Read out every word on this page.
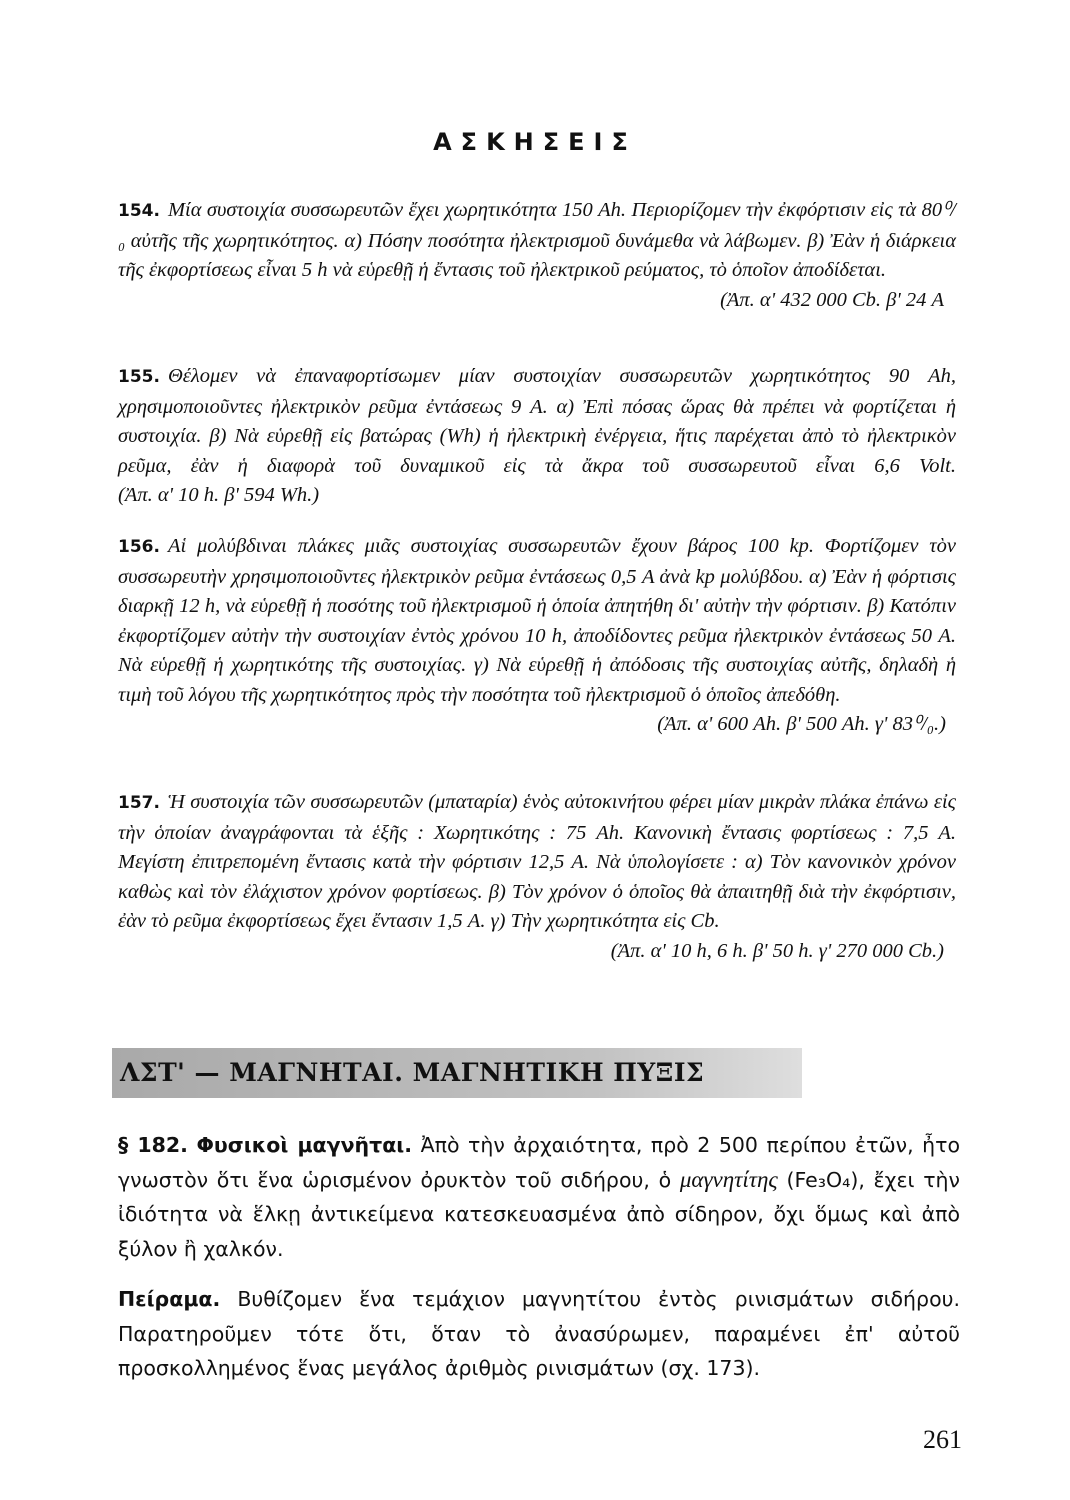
ΑΣΚΗΣΕΙΣ

154. Μία συστοιχία συσσωρευτῶν ἔχει χωρητικότητα 150 Ah. Περιορίζομεν τὴν ἐκφόρτισιν εἰς τὰ 80⁰/₀ αὐτῆς τῆς χωρητικότητος. α) Πόσην ποσότητα ἠλεκτρισμοῦ δυνάμεθα νὰ λάβωμεν. β) Ἐὰν ἡ διάρκεια τῆς ἐκφορτίσεως εἶναι 5 h νὰ εὑρεθῇ ἡ ἔντασις τοῦ ἠλεκτρικοῦ ρεύματος, τὸ ὁποῖον ἀποδίδεται.
(Ἀπ. α' 432 000 Cb. β' 24 A

155. Θέλομεν νὰ ἐπαναφορτίσωμεν μίαν συστοιχίαν συσσωρευτῶν χωρητικότητος 90 Ah, χρησιμοποιοῦντες ἠλεκτρικὸν ρεῦμα ἐντάσεως 9 A. α) Ἐπὶ πόσας ὥρας θὰ πρέπει νὰ φορτίζεται ἡ συστοιχία. β) Νὰ εὑρεθῇ εἰς βατώρας (Wh) ἡ ἠλεκτρικὴ ἐνέργεια, ἥτις παρέχεται ἀπὸ τὸ ἠλεκτρικὸν ρεῦμα, ἐὰν ἡ διαφορὰ τοῦ δυναμικοῦ εἰς τὰ ἄκρα τοῦ συσσωρευτοῦ εἶναι 6,6 Volt. (Ἀπ. α' 10 h. β' 594 Wh.)

156. Αἱ μολύβδιναι πλάκες μιᾶς συστοιχίας συσσωρευτῶν ἔχουν βάρος 100 kp. Φορτίζομεν τὸν συσσωρευτὴν χρησιμοποιοῦντες ἠλεκτρικὸν ρεῦμα ἐντάσεως 0,5 A ἀνὰ kp μολύβδου. α) Ἐὰν ἡ φόρτισις διαρκῇ 12 h, νὰ εὑρεθῇ ἡ ποσότης τοῦ ἠλεκτρισμοῦ ἡ ὁποία ἀπητήθη δι' αὐτὴν τὴν φόρτισιν. β) Κατόπιν ἐκφορτίζομεν αὐτὴν τὴν συστοιχίαν ἐντὸς χρόνου 10 h, ἀποδίδοντες ρεῦμα ἠλεκτρικὸν ἐντάσεως 50 A. Νὰ εὑρεθῇ ἡ χωρητικότης τῆς συστοιχίας. γ) Νὰ εὑρεθῇ ἡ ἀπόδοσις τῆς συστοιχίας αὐτῆς, δηλαδὴ ἡ τιμὴ τοῦ λόγου τῆς χωρητικότητος πρὸς τὴν ποσότητα τοῦ ἠλεκτρισμοῦ ὁ ὁποῖος ἀπεδόθη.
(Ἀπ. α' 600 Ah. β' 500 Ah. γ' 83⁰/₀.)

157. Ἡ συστοιχία τῶν συσσωρευτῶν (μπαταρία) ἑνὸς αὐτοκινήτου φέρει μίαν μικρὰν πλάκα ἐπάνω εἰς τὴν ὁποίαν ἀναγράφονται τὰ ἑξῆς : Χωρητικότης : 75 Ah. Κανονικὴ ἔντασις φορτίσεως : 7,5 A. Μεγίστη ἐπιτρεπομένη ἔντασις κατὰ τὴν φόρτισιν 12,5 A. Νὰ ὑπολογίσετε : α) Τὸν κανονικὸν χρόνον καθὼς καὶ τὸν ἐλάχιστον χρόνον φορτίσεως. β) Τὸν χρόνον ὁ ὁποῖος θὰ ἀπαιτηθῇ διὰ τὴν ἐκφόρτισιν, ἐὰν τὸ ρεῦμα ἐκφορτίσεως ἔχει ἔντασιν 1,5 A. γ) Τὴν χωρητικότητα εἰς Cb.
(Ἀπ. α' 10 h, 6 h. β' 50 h. γ' 270 000 Cb.)

ΛΣΤ' — ΜΑΓΝΗΤΑΙ. ΜΑΓΝΗΤΙΚΗ ΠΥΞΙΣ

§ 182. Φυσικοὶ μαγνῆται. Ἀπὸ τὴν ἀρχαιότητα, πρὸ 2 500 περίπου ἐτῶν, ἦτο γνωστὸν ὅτι ἕνα ὡρισμένον ὀρυκτὸν τοῦ σιδήρου, ὁ μαγνητίτης (Fe₃O₄), ἔχει τὴν ἰδιότητα νὰ ἕλκῃ ἀντικείμενα κατεσκευασμένα ἀπὸ σίδηρον, ὄχι ὅμως καὶ ἀπὸ ξύλον ἢ χαλκόν.

Πείραμα. Βυθίζομεν ἕνα τεμάχιον μαγνητίτου ἐντὸς ρινισμάτων σιδήρου. Παρατηροῦμεν τότε ὅτι, ὅταν τὸ ἀνασύρωμεν, παραμένει ἐπ' αὐτοῦ προσκολλημένος ἕνας μεγάλος ἀριθμὸς ρινισμάτων (σχ. 173).

261
